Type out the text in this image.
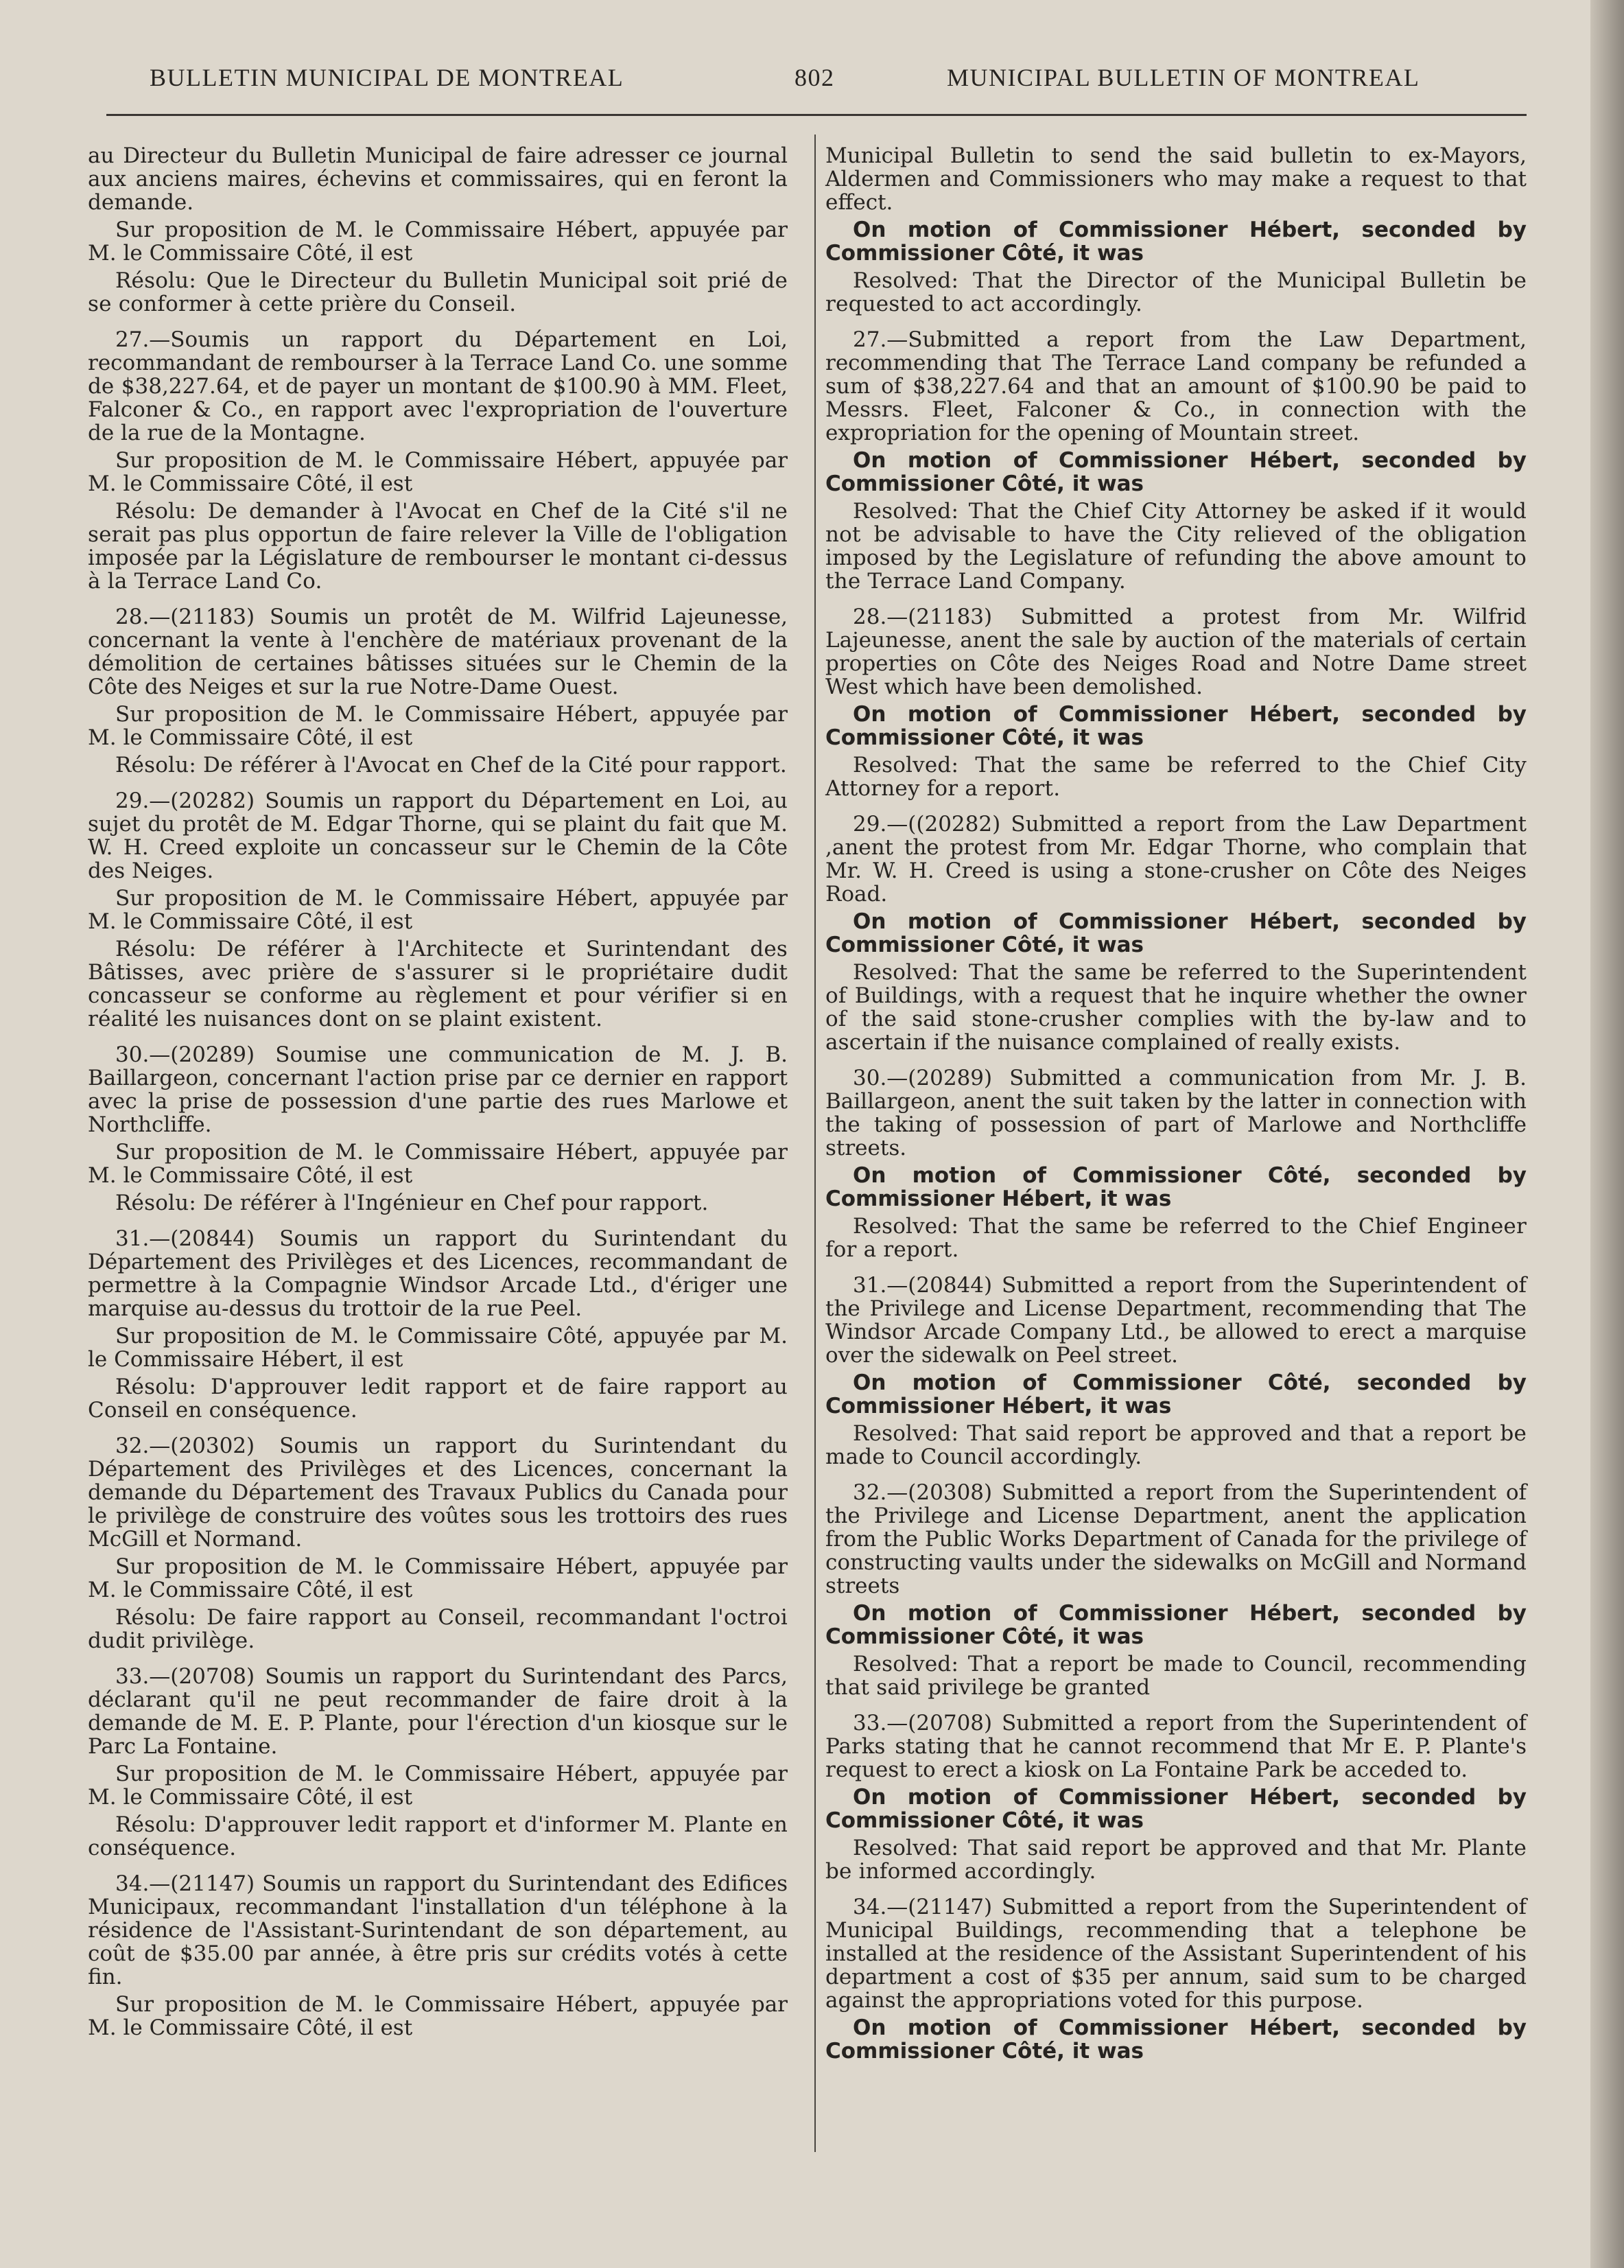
BULLETIN MUNICIPAL DE MONTREAL	802	MUNICIPAL BULLETIN OF MONTREAL

au Directeur du Bulletin Municipal de faire adresser ce journal aux anciens maires, échevins et commissaires, qui en feront la demande.

Sur proposition de M. le Commissaire Hébert, appuyée par M. le Commissaire Côté, il est

Résolu: Que le Directeur du Bulletin Municipal soit prié de se conformer à cette prière du Conseil.

27.—Soumis un rapport du Département en Loi, recommandant de rembourser à la Terrace Land Co. une somme de $38,227.64, et de payer un montant de $100.90 à MM. Fleet, Falconer & Co., en rapport avec l'expropriation de l'ouverture de la rue de la Montagne.

Sur proposition de M. le Commissaire Hébert, appuyée par M. le Commissaire Côté, il est

Résolu: De demander à l'Avocat en Chef de la Cité s'il ne serait pas plus opportun de faire relever la Ville de l'obligation imposée par la Législature de rembourser le montant ci-dessus à la Terrace Land Co.

28.—(21183) Soumis un protêt de M. Wilfrid Lajeunesse, concernant la vente à l'enchère de matériaux provenant de la démolition de certaines bâtisses situées sur le Chemin de la Côte des Neiges et sur la rue Notre-Dame Ouest.

Sur proposition de M. le Commissaire Hébert, appuyée par M. le Commissaire Côté, il est

Résolu: De référer à l'Avocat en Chef de la Cité pour rapport.

29.—(20282) Soumis un rapport du Département en Loi, au sujet du protêt de M. Edgar Thorne, qui se plaint du fait que M. W. H. Creed exploite un concasseur sur le Chemin de la Côte des Neiges.

Sur proposition de M. le Commissaire Hébert, appuyée par M. le Commissaire Côté, il est

Résolu: De référer à l'Architecte et Surintendant des Bâtisses, avec prière de s'assurer si le propriétaire dudit concasseur se conforme au règlement et pour vérifier si en réalité les nuisances dont on se plaint existent.

30.—(20289) Soumise une communication de M. J. B. Baillargeon, concernant l'action prise par ce dernier en rapport avec la prise de possession d'une partie des rues Marlowe et Northcliffe.

Sur proposition de M. le Commissaire Hébert, appuyée par M. le Commissaire Côté, il est

Résolu: De référer à l'Ingénieur en Chef pour rapport.

31.—(20844) Soumis un rapport du Surintendant du Département des Privilèges et des Licences, recommandant de permettre à la Compagnie Windsor Arcade Ltd., d'ériger une marquise au-dessus du trottoir de la rue Peel.

Sur proposition de M. le Commissaire Côté, appuyée par M. le Commissaire Hébert, il est

Résolu: D'approuver ledit rapport et de faire rapport au Conseil en conséquence.

32.—(20302) Soumis un rapport du Surintendant du Département des Privilèges et des Licences, concernant la demande du Département des Travaux Publics du Canada pour le privilège de construire des voûtes sous les trottoirs des rues McGill et Normand.

Sur proposition de M. le Commissaire Hébert, appuyée par M. le Commissaire Côté, il est

Résolu: De faire rapport au Conseil, recommandant l'octroi dudit privilège.

33.—(20708) Soumis un rapport du Surintendant des Parcs, déclarant qu'il ne peut recommander de faire droit à la demande de M. E. P. Plante, pour l'érection d'un kiosque sur le Parc La Fontaine.

Sur proposition de M. le Commissaire Hébert, appuyée par M. le Commissaire Côté, il est

Résolu: D'approuver ledit rapport et d'informer M. Plante en conséquence.

34.—(21147) Soumis un rapport du Surintendant des Edifices Municipaux, recommandant l'installation d'un téléphone à la résidence de l'Assistant-Surintendant de son département, au coût de $35.00 par année, à être pris sur crédits votés à cette fin.

Sur proposition de M. le Commissaire Hébert, appuyée par M. le Commissaire Côté, il est

Municipal Bulletin to send the said bulletin to ex-Mayors, Aldermen and Commissioners who may make a request to that effect.

On motion of Commissioner Hébert, seconded by Commissioner Côté, it was

Resolved: That the Director of the Municipal Bulletin be requested to act accordingly.

27.—Submitted a report from the Law Department, recommending that The Terrace Land company be refunded a sum of $38,227.64 and that an amount of $100.90 be paid to Messrs. Fleet, Falconer & Co., in connection with the expropriation for the opening of Mountain street.

On motion of Commissioner Hébert, seconded by Commissioner Côté, it was

Resolved: That the Chief City Attorney be asked if it would not be advisable to have the City relieved of the obligation imposed by the Legislature of refunding the above amount to the Terrace Land Company.

28.—(21183) Submitted a protest from Mr. Wilfrid Lajeunesse, anent the sale by auction of the materials of certain properties on Côte des Neiges Road and Notre Dame street West which have been demolished.

On motion of Commissioner Hébert, seconded by Commissioner Côté, it was

Resolved: That the same be referred to the Chief City Attorney for a report.

29.—((20282) Submitted a report from the Law Department ,anent the protest from Mr. Edgar Thorne, who complain that Mr. W. H. Creed is using a stone-crusher on Côte des Neiges Road.

On motion of Commissioner Hébert, seconded by Commissioner Côté, it was

Resolved: That the same be referred to the Superintendent of Buildings, with a request that he inquire whether the owner of the said stone-crusher complies with the by-law and to ascertain if the nuisance complained of really exists.

30.—(20289) Submitted a communication from Mr. J. B. Baillargeon, anent the suit taken by the latter in connection with the taking of possession of part of Marlowe and Northcliffe streets.

On motion of Commissioner Côté, seconded by Commissioner Hébert, it was

Resolved: That the same be referred to the Chief Engineer for a report.

31.—(20844) Submitted a report from the Superintendent of the Privilege and License Department, recommending that The Windsor Arcade Company Ltd., be allowed to erect a marquise over the sidewalk on Peel street.

On motion of Commissioner Côté, seconded by Commissioner Hébert, it was

Resolved: That said report be approved and that a report be made to Council accordingly.

32.—(20308) Submitted a report from the Superintendent of the Privilege and License Department, anent the application from the Public Works Department of Canada for the privilege of constructing vaults under the sidewalks on McGill and Normand streets

On motion of Commissioner Hébert, seconded by Commissioner Côté, it was

Resolved: That a report be made to Council, recommending that said privilege be granted

33.—(20708) Submitted a report from the Superintendent of Parks stating that he cannot recommend that Mr E. P. Plante's request to erect a kiosk on La Fontaine Park be acceded to.

On motion of Commissioner Hébert, seconded by Commissioner Côté, it was

Resolved: That said report be approved and that Mr. Plante be informed accordingly.

34.—(21147) Submitted a report from the Superintendent of Municipal Buildings, recommending that a telephone be installed at the residence of the Assistant Superintendent of his department a cost of $35 per annum, said sum to be charged against the appropriations voted for this purpose.

On motion of Commissioner Hébert, seconded by Commissioner Côté, it was
